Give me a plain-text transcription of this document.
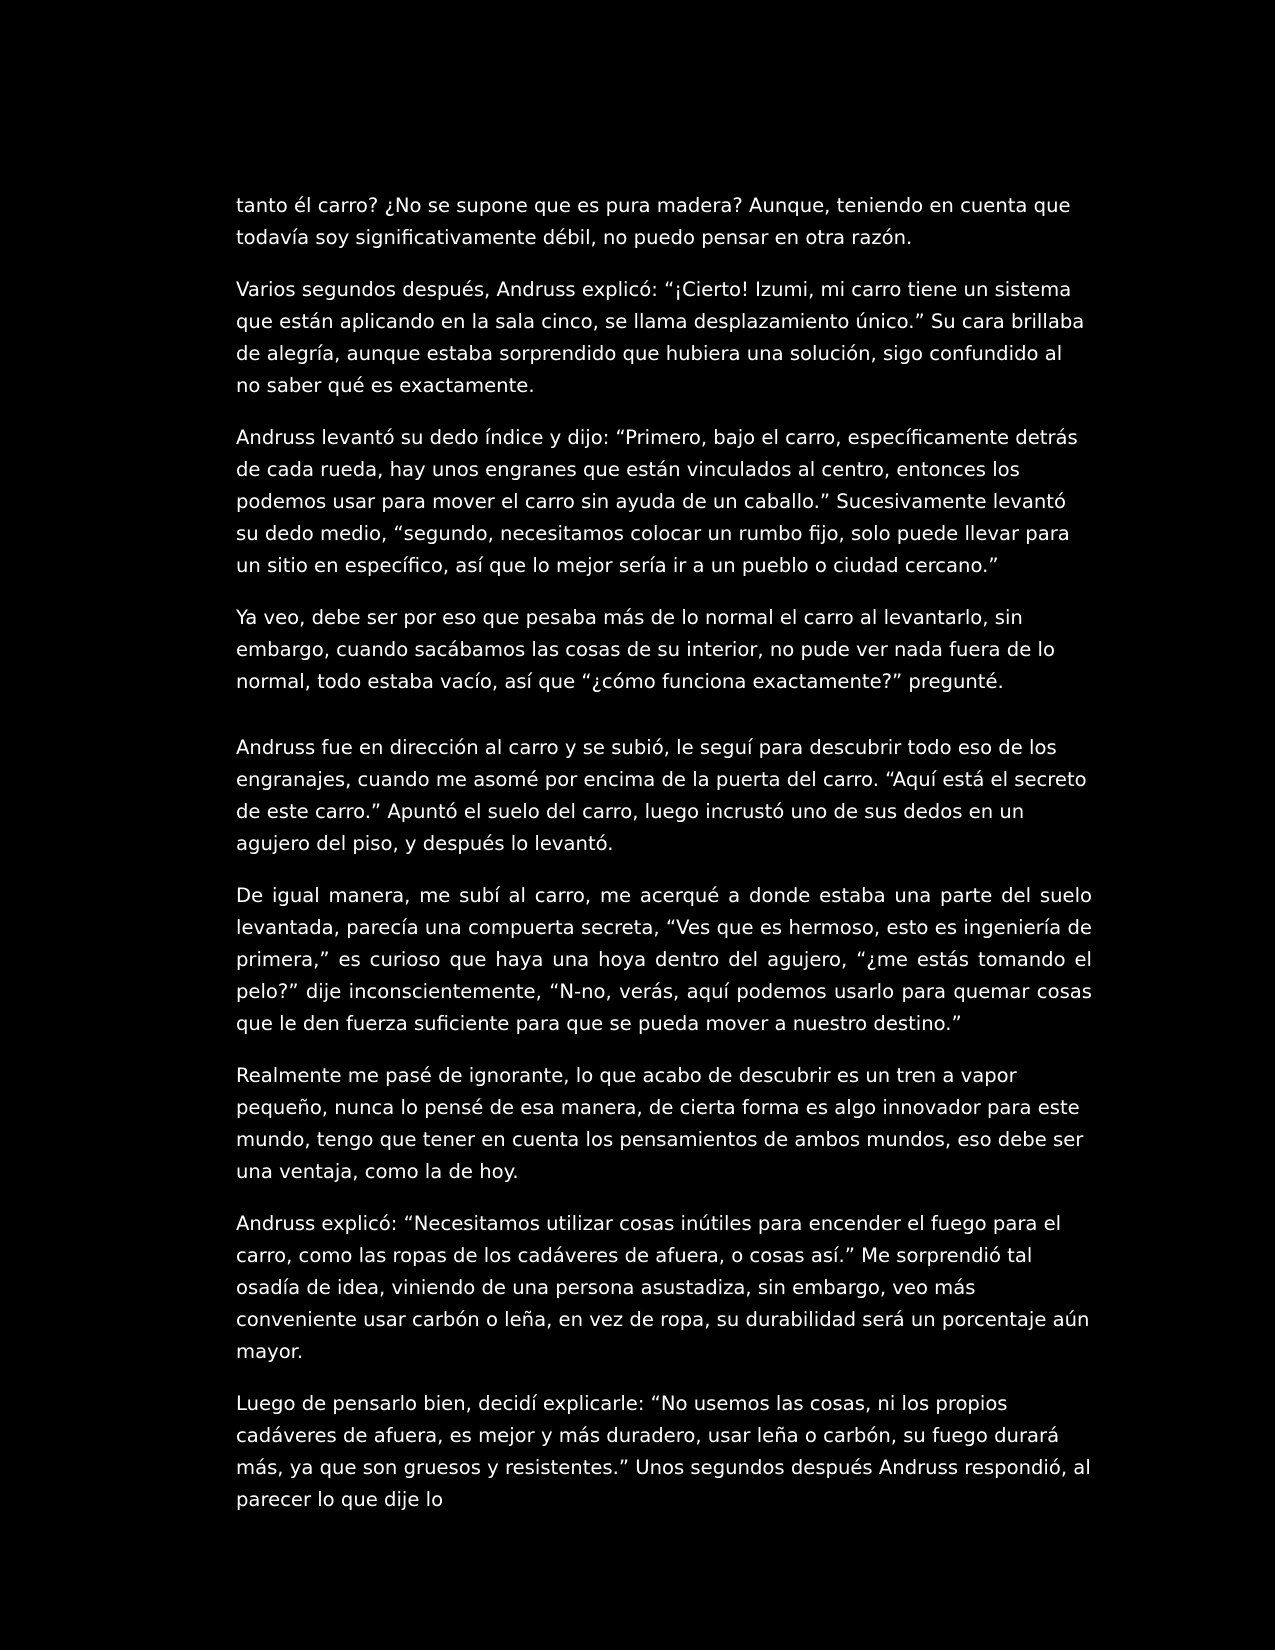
tanto él carro? ¿No se supone que es pura madera? Aunque, teniendo en cuenta que todavía soy significativamente débil, no puedo pensar en otra razón.

Varios segundos después, Andruss explicó: “¡Cierto! Izumi, mi carro tiene un sistema que están aplicando en la sala cinco, se llama desplazamiento único.” Su cara brillaba de alegría, aunque estaba sorprendido que hubiera una solución, sigo confundido al no saber qué es exactamente.

Andruss levantó su dedo índice y dijo: “Primero, bajo el carro, específicamente detrás de cada rueda, hay unos engranes que están vinculados al centro, entonces los podemos usar para mover el carro sin ayuda de un caballo.” Sucesivamente levantó su dedo medio, “segundo, necesitamos colocar un rumbo fijo, solo puede llevar para un sitio en específico, así que lo mejor sería ir a un pueblo o ciudad cercano.”

Ya veo, debe ser por eso que pesaba más de lo normal el carro al levantarlo, sin embargo, cuando sacábamos las cosas de su interior, no pude ver nada fuera de lo normal, todo estaba vacío, así que “¿cómo funciona exactamente?” pregunté.

Andruss fue en dirección al carro y se subió, le seguí para descubrir todo eso de los engranajes, cuando me asomé por encima de la puerta del carro. “Aquí está el secreto de este carro.” Apuntó el suelo del carro, luego incrustó uno de sus dedos en un agujero del piso, y después lo levantó.

De igual manera, me subí al carro, me acerqué a donde estaba una parte del suelo levantada, parecía una compuerta secreta, “Ves que es hermoso, esto es ingeniería de primera,” es curioso que haya una hoya dentro del agujero, “¿me estás tomando el pelo?” dije inconscientemente, “N-no, verás, aquí podemos usarlo para quemar cosas que le den fuerza suficiente para que se pueda mover a nuestro destino.”

Realmente me pasé de ignorante, lo que acabo de descubrir es un tren a vapor pequeño, nunca lo pensé de esa manera, de cierta forma es algo innovador para este mundo, tengo que tener en cuenta los pensamientos de ambos mundos, eso debe ser una ventaja, como la de hoy.

Andruss explicó: “Necesitamos utilizar cosas inútiles para encender el fuego para el carro, como las ropas de los cadáveres de afuera, o cosas así.” Me sorprendió tal osadía de idea, viniendo de una persona asustadiza, sin embargo, veo más conveniente usar carbón o leña, en vez de ropa, su durabilidad será un porcentaje aún mayor.

Luego de pensarlo bien, decidí explicarle: “No usemos las cosas, ni los propios cadáveres de afuera, es mejor y más duradero, usar leña o carbón, su fuego durará más, ya que son gruesos y resistentes.” Unos segundos después Andruss respondió, al parecer lo que dije lo
